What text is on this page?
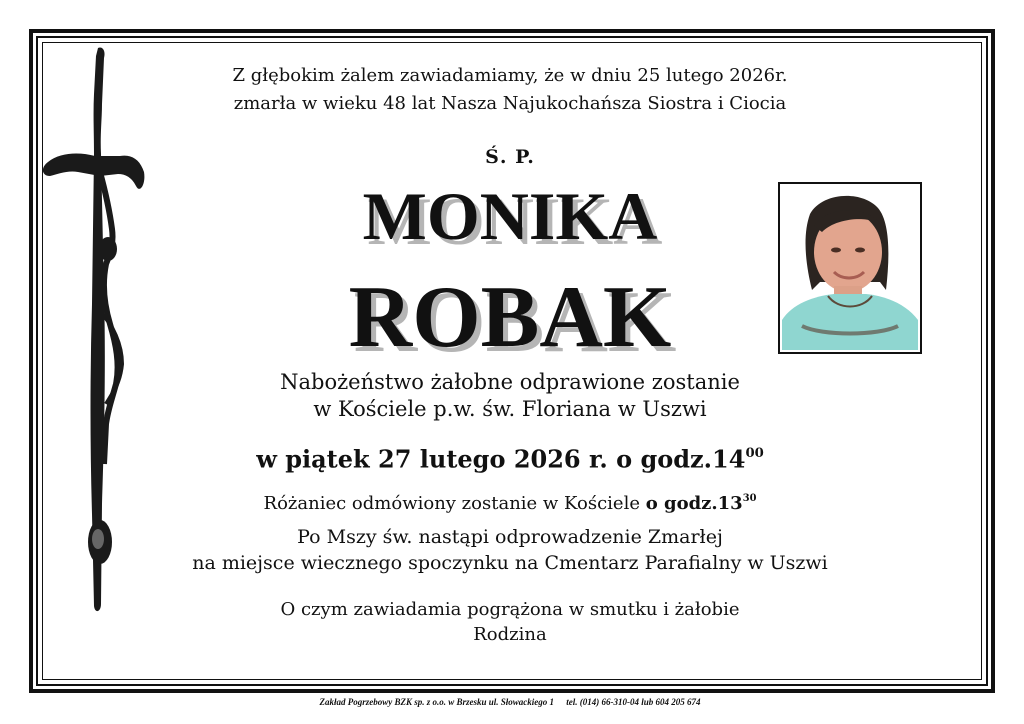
Z głębokim żalem zawiadamiamy, że w dniu 25 lutego 2026r.
zmarła w wieku 48 lat Nasza Najukochańsza Siostra i Ciocia
Ś. P.
MONIKA
ROBAK
Nabożeństwo żałobne odprawione zostanie
w Kościele p.w. św. Floriana w Uszwi
w piątek 27 lutego 2026 r. o $godz.14^{00}$
Różaniec odmówiony zostanie w Kościele o $godz.13^{30}$
Po Mszy św. nastąpi odprowadzenie Zmarłej
na miejsce wiecznego spoczynku na Cmentarz Parafialny w Uszwi
O czym zawiadamia pogrążona w smutku i żałobie
Rodzina
Zakład Pogrzebowy BZK sp. z o.o. w Brzesku ul. Słowackiego 1 tel. (014) 66-310-04 lub 604 205 674
